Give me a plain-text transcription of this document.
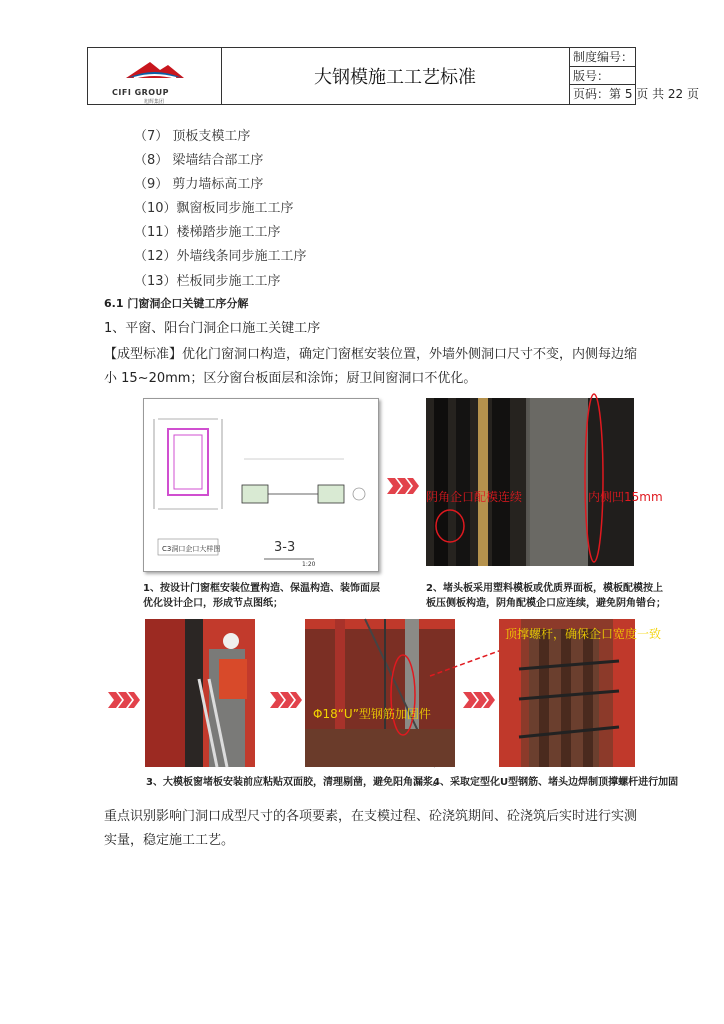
CIFI GROUP
旭辉集团
大钢模施工工艺标准
制度编号：
版号：
页码：第 5 页 共 22 页
（7） 顶板支模工序
（8） 梁墙结合部工序
（9） 剪力墙标高工序
（10）飘窗板同步施工工序
（11）楼梯踏步施工工序
（12）外墙线条同步施工工序
（13）栏板同步施工工序
6.1 门窗洞企口关键工序分解
1、平窗、阳台门洞企口施工关键工序
【成型标准】优化门窗洞口构造，确定门窗框安装位置，外墙外侧洞口尺寸不变，内侧每边缩
小 15~20mm；区分窗台板面层和涂饰；厨卫间窗洞口不优化。
C3洞口企口大样图	3-3
1:20
阴角企口配模连续	内侧凹15mm
1、按设计门窗框安装位置构造、保温构造、装饰面层
优化设计企口，形成节点图纸；
2、堵头板采用塑料模板或优质界面板，模板配模按上
板压侧板构造，阴角配模企口应连续，避免阴角错台；
Φ18“U”型钢筋加固件
顶撑螺杆，确保企口宽度一致
3、大模板窗堵板安装前应粘贴双面胶，清理剔凿，避免阳角漏浆。
4、采取定型化U型钢筋、堵头边焊制顶撑螺杆进行加固
重点识别影响门洞口成型尺寸的各项要素，在支模过程、砼浇筑期间、砼浇筑后实时进行实测
实量，稳定施工工艺。
